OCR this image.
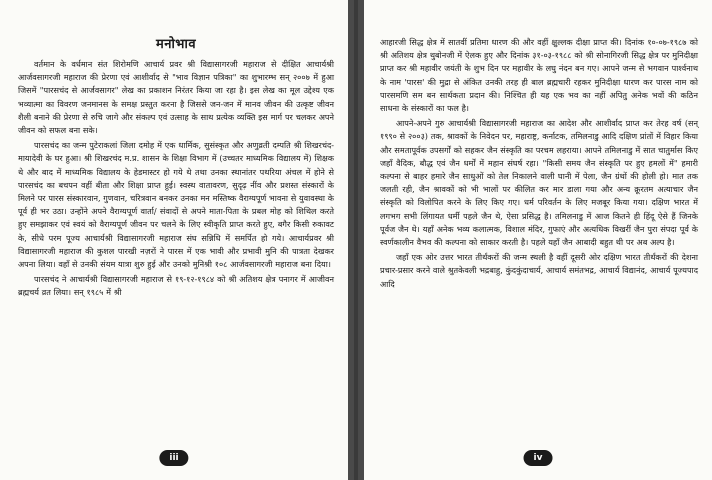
मनोभाव

वर्तमान के वर्धमान संत शिरोमणि आचार्य प्रवर श्री विद्यासागरजी महाराज से दीक्षित आचार्यश्री आर्जवसागरजी महाराज की प्रेरणा एवं आशीर्वाद से "भाव विज्ञान पत्रिका" का शुभारम्भ सन् २००७ में हुआ जिसमें "पारसचंद से आर्जवसागर" लेख का प्रकाशन निरंतर किया जा रहा है। इस लेख का मूल उद्देश्य एक भव्यात्मा का विवरण जनमानस के समक्ष प्रस्तुत करना है जिससे जन-जन में मानव जीवन की उत्कृष्ट जीवन शैली बनाने की प्रेरणा से रुचि जागे और संकल्प एवं उत्साह के साथ प्रत्येक व्यक्ति इस मार्ग पर चलकर अपने जीवन को सफल बना सके।

पारसचंद का जन्म पुटेराकलां जिला दमोह में एक धार्मिक, सुसंस्कृत और अणुव्रती दम्पति श्री शिखरचंद-मायादेवी के घर हुआ। श्री शिखरचंद म.प्र. शासन के शिक्षा विभाग में (उच्चतर माध्यमिक विद्यालय में) शिक्षक थे और बाद में माध्यमिक विद्यालय के हेडमास्टर हो गये थे तथा उनका स्थानांतर पथरिया अंचल में होने से पारसचंद का बचपन वहीं बीता और शिक्षा प्राप्त हुई। स्वस्थ वातावरण, सुदृढ़ नींव और प्रशस्त संस्कारों के मिलने पर पारस संस्कारवान, गुणवान, चरित्रवान बनकर उनका मन मस्तिष्क वैराग्यपूर्ण भावना से युवावस्था के पूर्व ही भर उठा। उन्होंने अपने वैराग्यपूर्ण वार्ता/ संवादों से अपने माता-पिता के प्रबल मोह को शिथिल करते हुए समझाकर एवं स्वयं को वैराग्यपूर्ण जीवन पर चलने के लिए स्वीकृति प्राप्त करते हुए, बगैर किसी रुकावट के, सीधे परम पूज्य आचार्यश्री विद्यासागरजी महाराज संघ सन्निधि में समर्पित हो गये। आचार्यप्रवर श्री विद्यासागरजी महाराज की कुशल पारखी नज़रों ने पारस में एक भावी और प्रभावी मुनि की पात्रता देखकर अपना लिया। वहाँ से उनकी संयम यात्रा शुरु हुई और उनको मुनिश्री १०८ आर्जवसागरजी महाराज बना दिया।

पारसचंद ने आचार्यश्री विद्यासागरजी महाराज से १९-१२-१९८४ को श्री अतिशय क्षेत्र पनागर में आजीवन ब्रह्मचर्य व्रत लिया। सन् १९८५ में श्री

iii

आहारजी सिद्ध क्षेत्र में सातवीं प्रतिमा धारण की और वहीं क्षुल्लक दीक्षा प्राप्त की। दिनांक १०-०७-१९८७ को श्री अतिशय क्षेत्र थुबोनजी में ऐलक हुए और दिनांक ३१-०३-१९८८ को श्री सोनागिरजी सिद्ध क्षेत्र पर मुनिदीक्षा प्राप्त कर श्री महावीर जयंती के शुभ दिन पर महावीर के लघु नंदन बन गए। आपने जन्म से भगवान पार्श्वनाथ के नाम 'पारस' की मुद्रा से अंकित उनकी तरह ही बाल ब्रह्मचारी रहकर मुनिदीक्षा धारण कर पारस नाम को पारसमणि सम बन सार्थकता प्रदान की। निश्चित ही यह एक भव का नहीं अपितु अनेक भवों की कठिन साधना के संस्कारों का फल है।

आपने-अपने गुरु आचार्यश्री विद्यासागरजी महाराज का आदेश और आशीर्वाद प्राप्त कर तेरह वर्ष (सन् १९९० से २००३) तक, श्रावकों के निवेदन पर, महाराष्ट्र, कर्नाटक, तमिलनाडु आदि दक्षिण प्रांतों में विहार किया और समतापूर्वक उपसर्गों को सहकर जैन संस्कृति का परचम लहराया। आपने तमिलनाडु में सात चातुर्मास किए जहाँ वैदिक, बौद्ध एवं जैन धर्मों में महान संघर्ष रहा। "किसी समय जैन संस्कृति पर हुए हमलों में" हमारी कल्पना से बाहर हमारे जैन साधुओं को तेल निकालने वाली घानी में पेला, जैन ग्रंथों की होली हो। मात तक जलती रही, जैन श्रावकों को भी भालों पर कीलित कर मार डाला गया और अन्य क्रूरतम अत्याचार जैन संस्कृति को विलोपित करने के लिए किए गए। धर्म परिवर्तन के लिए मजबूर किया गया। दक्षिण भारत में लगभग सभी लिंगायत धर्मी पहले जैन थे, ऐसा प्रसिद्ध है। तमिलनाडु में आज कितने ही हिंदू ऐसे हैं जिनके पूर्वज जैन थे। यहाँ अनेक भव्य कलात्मक, विशाल मंदिर, गुफाएं और अत्यधिक विखरीं जैन पुरा संपदा पूर्व के स्वर्णकालीन वैभव की कल्पना को साकार करती है। पहले यहाँ जैन आबादी बहुत थी पर अब अल्प है।

जहाँ एक ओर उत्तर भारत तीर्थंकरों की जन्म स्थली है वहीं दूसरी ओर दक्षिण भारत तीर्थंकरों की देशना प्रचार-प्रसार करने वाले श्रुतकेवली भद्रबाहु, कुंदकुंदाचार्य, आचार्य समंतभद्र, आचार्य विद्यानंद, आचार्य पूज्यपाद आदि

iv
